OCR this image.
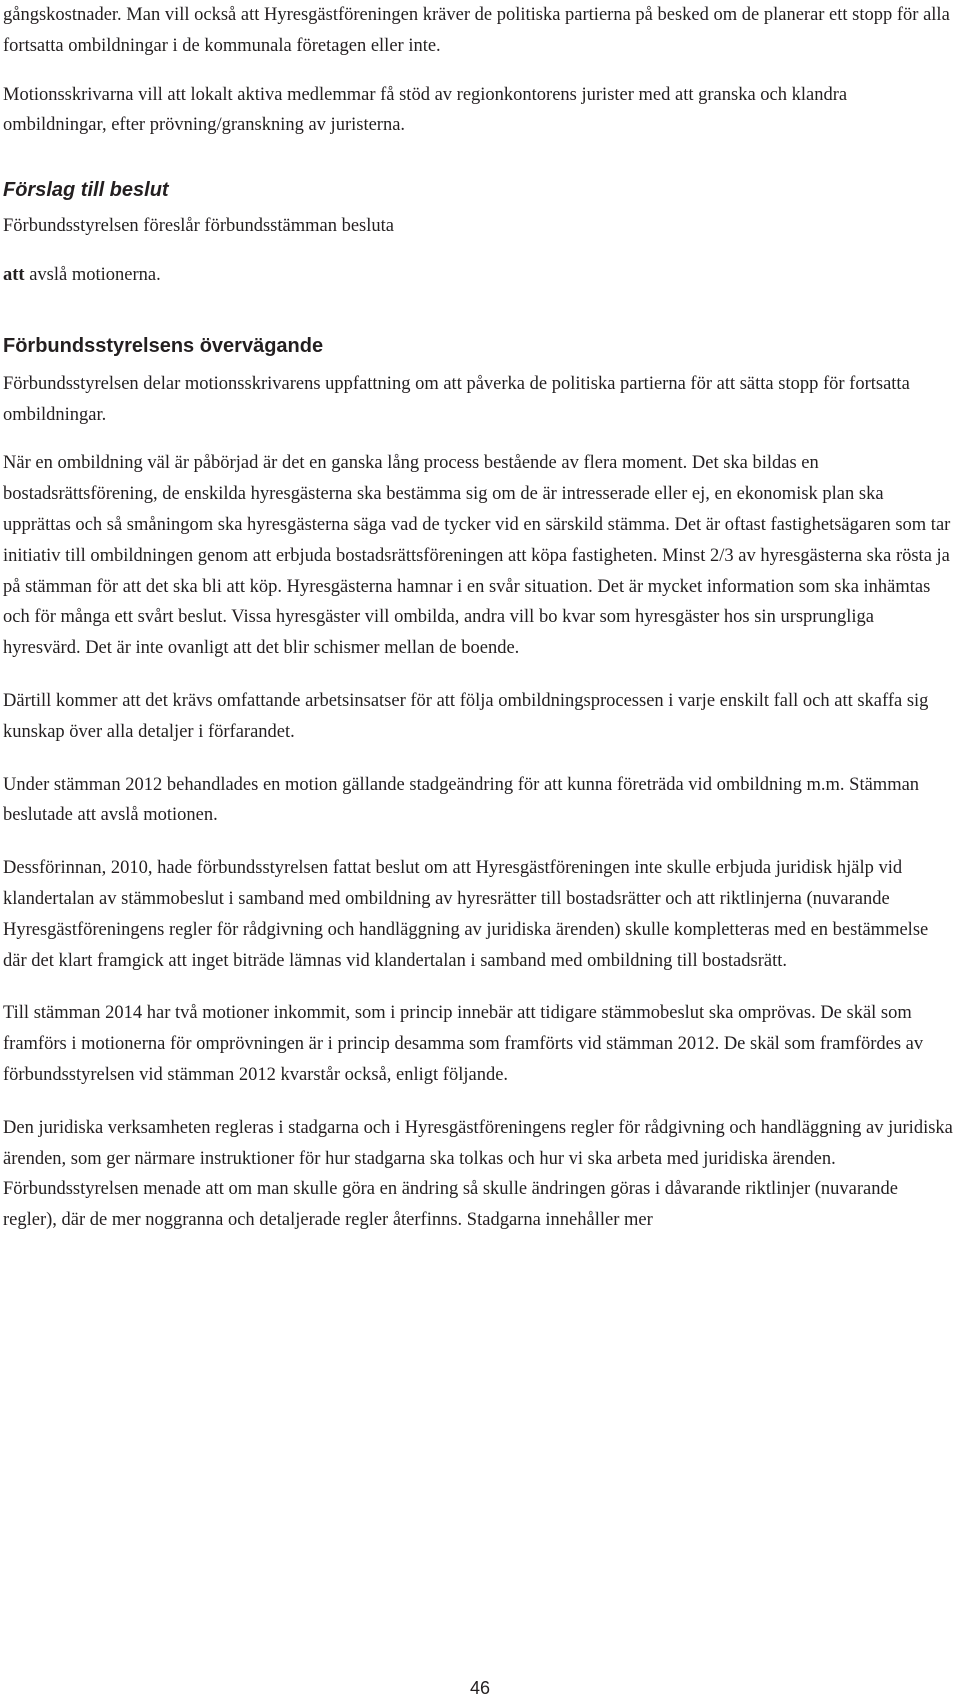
gångskostnader. Man vill också att Hyresgästföreningen kräver de politiska partierna på besked om de planerar ett stopp för alla fortsatta ombildningar i de kommunala företagen eller inte.

Motionsskrivarna vill att lokalt aktiva medlemmar få stöd av regionkontorens jurister med att granska och klandra ombildningar, efter prövning/granskning av juristerna.

Förslag till beslut

Förbundsstyrelsen föreslår förbundsstämman besluta

att avslå motionerna.

Förbundsstyrelsens övervägande

Förbundsstyrelsen delar motionsskrivarens uppfattning om att påverka de politiska partierna för att sätta stopp för fortsatta ombildningar.

När en ombildning väl är påbörjad är det en ganska lång process bestående av flera moment. Det ska bildas en bostadsrättsförening, de enskilda hyresgästerna ska bestämma sig om de är intresserade eller ej, en ekonomisk plan ska upprättas och så småningom ska hyresgästerna säga vad de tycker vid en särskild stämma. Det är oftast fastighetsägaren som tar initiativ till ombildningen genom att erbjuda bostadsrättsföreningen att köpa fastigheten. Minst 2/3 av hyresgästerna ska rösta ja på stämman för att det ska bli att köp. Hyresgästerna hamnar i en svår situation. Det är mycket information som ska inhämtas och för många ett svårt beslut. Vissa hyresgäster vill ombilda, andra vill bo kvar som hyresgäster hos sin ursprungliga hyresvärd. Det är inte ovanligt att det blir schismer mellan de boende.

Därtill kommer att det krävs omfattande arbetsinsatser för att följa ombildningsprocessen i varje enskilt fall och att skaffa sig kunskap över alla detaljer i förfarandet.

Under stämman 2012 behandlades en motion gällande stadgeändring för att kunna företräda vid ombildning m.m. Stämman beslutade att avslå motionen.

Dessförinnan, 2010, hade förbundsstyrelsen fattat beslut om att Hyresgästföreningen inte skulle erbjuda juridisk hjälp vid klandertalan av stämmobeslut i samband med ombildning av hyresrätter till bostadsrätter och att riktlinjerna (nuvarande Hyresgästföreningens regler för rådgivning och handläggning av juridiska ärenden) skulle kompletteras med en bestämmelse där det klart framgick att inget biträde lämnas vid klandertalan i samband med ombildning till bostadsrätt.

Till stämman 2014 har två motioner inkommit, som i princip innebär att tidigare stämmobeslut ska omprövas. De skäl som framförs i motionerna för omprövningen är i princip desamma som framförts vid stämman 2012. De skäl som framfördes av förbundsstyrelsen vid stämman 2012 kvarstår också, enligt följande.

Den juridiska verksamheten regleras i stadgarna och i Hyresgästföreningens regler för rådgivning och handläggning av juridiska ärenden, som ger närmare instruktioner för hur stadgarna ska tolkas och hur vi ska arbeta med juridiska ärenden. Förbundsstyrelsen menade att om man skulle göra en ändring så skulle ändringen göras i dåvarande riktlinjer (nuvarande regler), där de mer noggranna och detaljerade regler återfinns. Stadgarna innehåller mer

46
